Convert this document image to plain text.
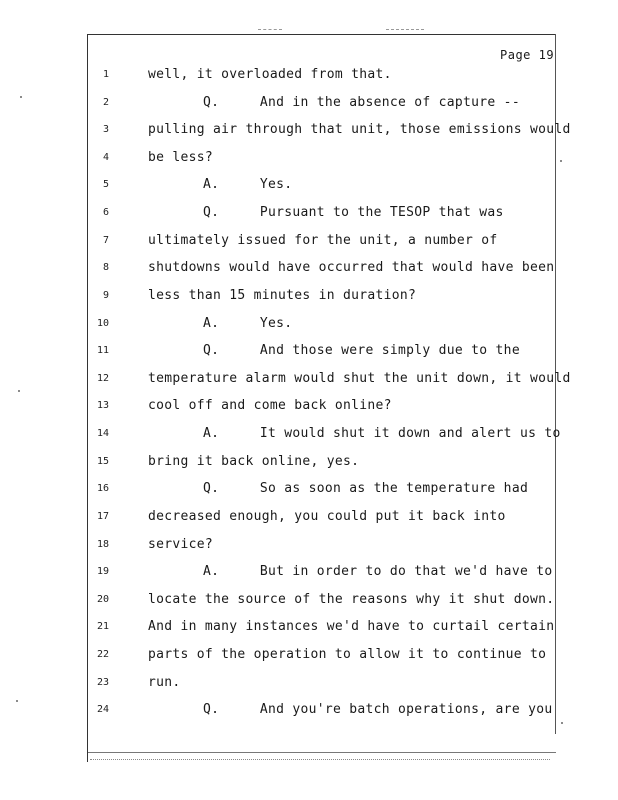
Page 19
1	well, it overloaded from that.
2	Q.     And in the absence of capture --
3	pulling air through that unit, those emissions would
4	be less?
5	A.     Yes.
6	Q.     Pursuant to the TESOP that was
7	ultimately issued for the unit, a number of
8	shutdowns would have occurred that would have been
9	less than 15 minutes in duration?
10	A.     Yes.
11	Q.     And those were simply due to the
12	temperature alarm would shut the unit down, it would
13	cool off and come back online?
14	A.     It would shut it down and alert us to
15	bring it back online, yes.
16	Q.     So as soon as the temperature had
17	decreased enough, you could put it back into
18	service?
19	A.     But in order to do that we'd have to
20	locate the source of the reasons why it shut down.
21	And in many instances we'd have to curtail certain
22	parts of the operation to allow it to continue to
23	run.
24	Q.     And you're batch operations, are you
